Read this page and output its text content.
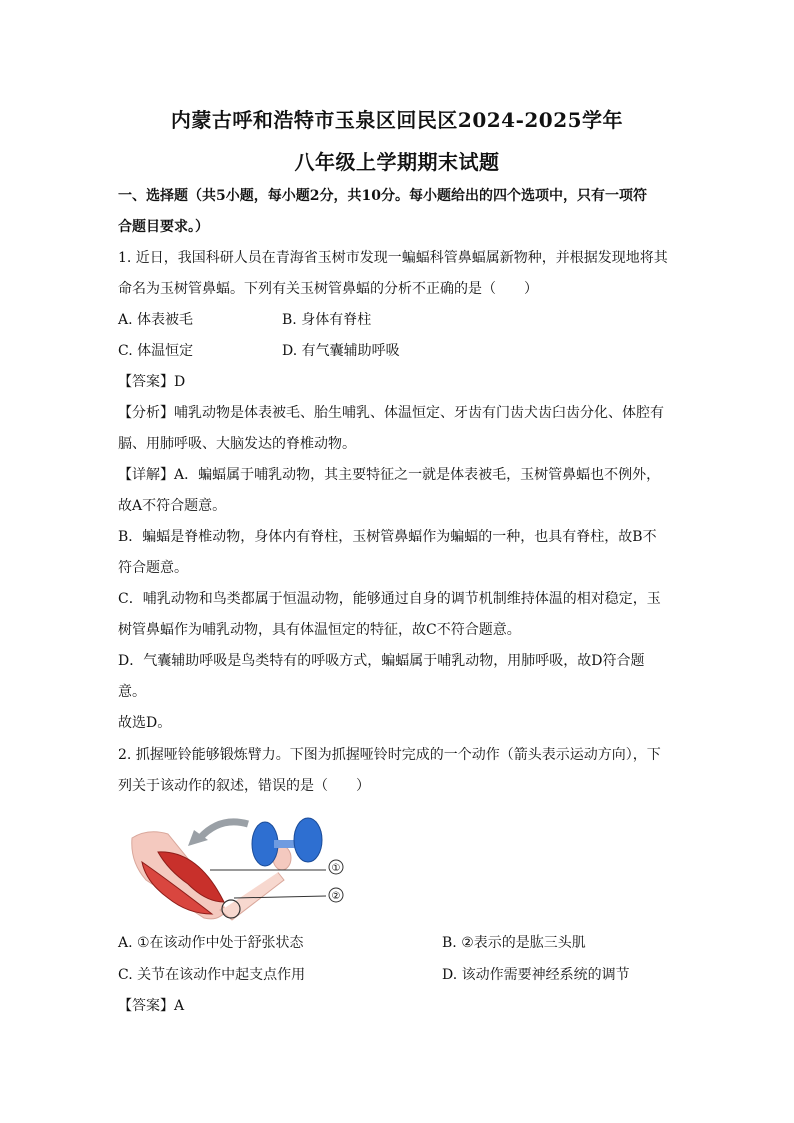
内蒙古呼和浩特市玉泉区回民区2024-2025学年
八年级上学期期末试题
一、选择题（共5小题，每小题2分，共10分。每小题给出的四个选项中，只有一项符
合题目要求。）
1. 近日，我国科研人员在青海省玉树市发现一蝙蝠科管鼻蝠属新物种，并根据发现地将其
命名为玉树管鼻蝠。下列有关玉树管鼻蝠的分析不正确的是（　　）
A. 体表被毛	B. 身体有脊柱
C. 体温恒定	D. 有气囊辅助呼吸
【答案】D
【分析】哺乳动物是体表被毛、胎生哺乳、体温恒定、牙齿有门齿犬齿臼齿分化、体腔有
膈、用肺呼吸、大脑发达的脊椎动物。
【详解】A．蝙蝠属于哺乳动物，其主要特征之一就是体表被毛，玉树管鼻蝠也不例外，
故A不符合题意。
B．蝙蝠是脊椎动物，身体内有脊柱，玉树管鼻蝠作为蝙蝠的一种，也具有脊柱，故B不
符合题意。
C．哺乳动物和鸟类都属于恒温动物，能够通过自身的调节机制维持体温的相对稳定，玉
树管鼻蝠作为哺乳动物，具有体温恒定的特征，故C不符合题意。
D．气囊辅助呼吸是鸟类特有的呼吸方式，蝙蝠属于哺乳动物，用肺呼吸，故D符合题
意。
故选D。
2. 抓握哑铃能够锻炼臂力。下图为抓握哑铃时完成的一个动作（箭头表示运动方向），下
列关于该动作的叙述，错误的是（　　）
①
②
A. ①在该动作中处于舒张状态	B. ②表示的是肱三头肌
C. 关节在该动作中起支点作用	D. 该动作需要神经系统的调节
【答案】A
